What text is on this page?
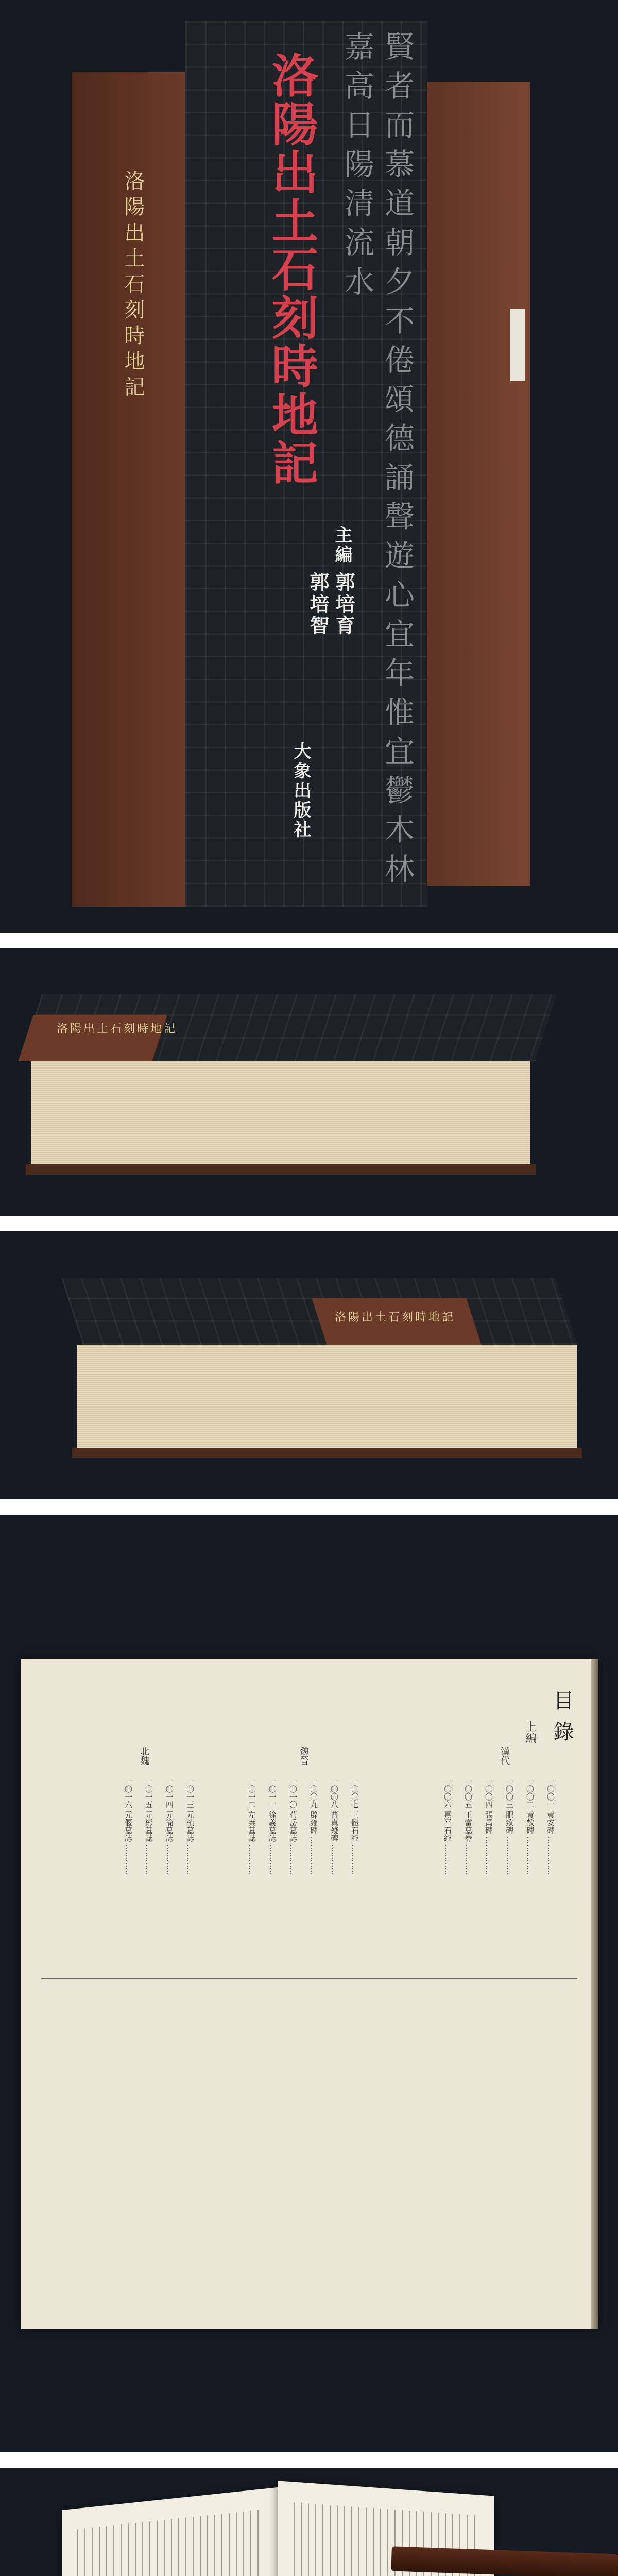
洛陽出土石刻時地記	賢者而慕道朝夕不倦頌德誦聲遊心宜年惟宜鬱木林嘉高日陽清流水
洛陽出土石刻時地記
主編
郭培育
郭培智
大象出版社
洛陽出土石刻時地記
洛陽出土石刻時地記
目錄
上編
漢代
魏晉
北魏
一〇〇一 袁安碑 ……………
一〇〇二 袁敞碑 ……………
一〇〇三 肥致碑 ……………
一〇〇四 張禹碑 ……………
一〇〇五 王當墓券 …………
一〇〇六 熹平石經 …………
一〇〇七 三體石經 …………
一〇〇八 曹真殘碑 …………
一〇〇九 辟雍碑 ……………
一〇一〇 荀岳墓誌 …………
一〇一一 徐義墓誌 …………
一〇一二 左棻墓誌 …………
一〇一三 元楨墓誌 …………
一〇一四 元簡墓誌 …………
一〇一五 元彬墓誌 …………
一〇一六 元偃墓誌 …………
